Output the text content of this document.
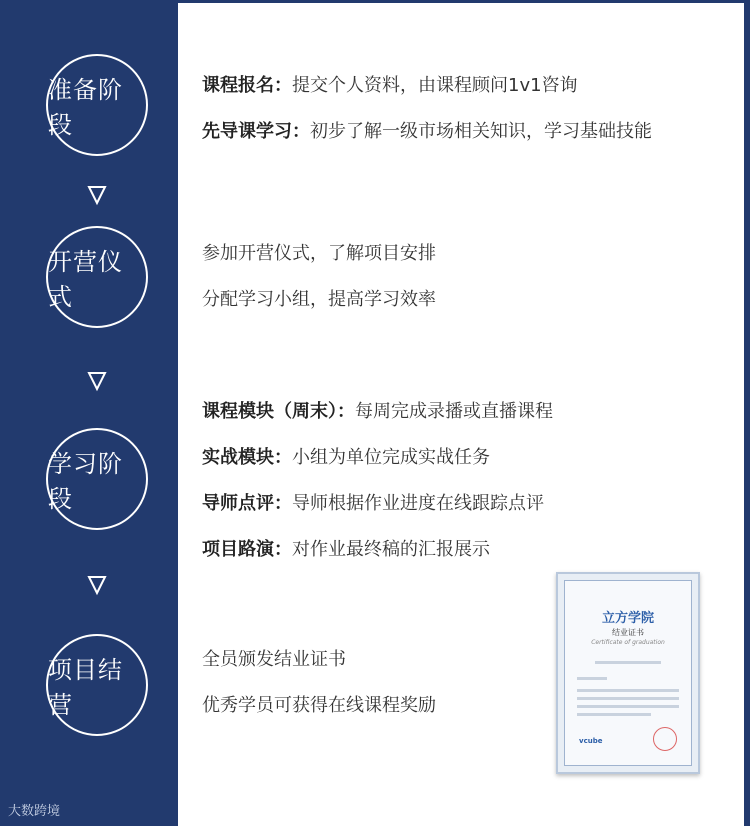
准备阶段
开营仪式
学习阶段
项目结营
课程报名：提交个人资料，由课程顾问1v1咨询
先导课学习：初步了解一级市场相关知识，学习基础技能
参加开营仪式，了解项目安排
分配学习小组，提高学习效率
课程模块（周末）：每周完成录播或直播课程
实战模块：小组为单位完成实战任务
导师点评：导师根据作业进度在线跟踪点评
项目路演：对作业最终稿的汇报展示
全员颁发结业证书
优秀学员可获得在线课程奖励
立方学院
结业证书
Certificate of graduation
vcube
大数跨境
